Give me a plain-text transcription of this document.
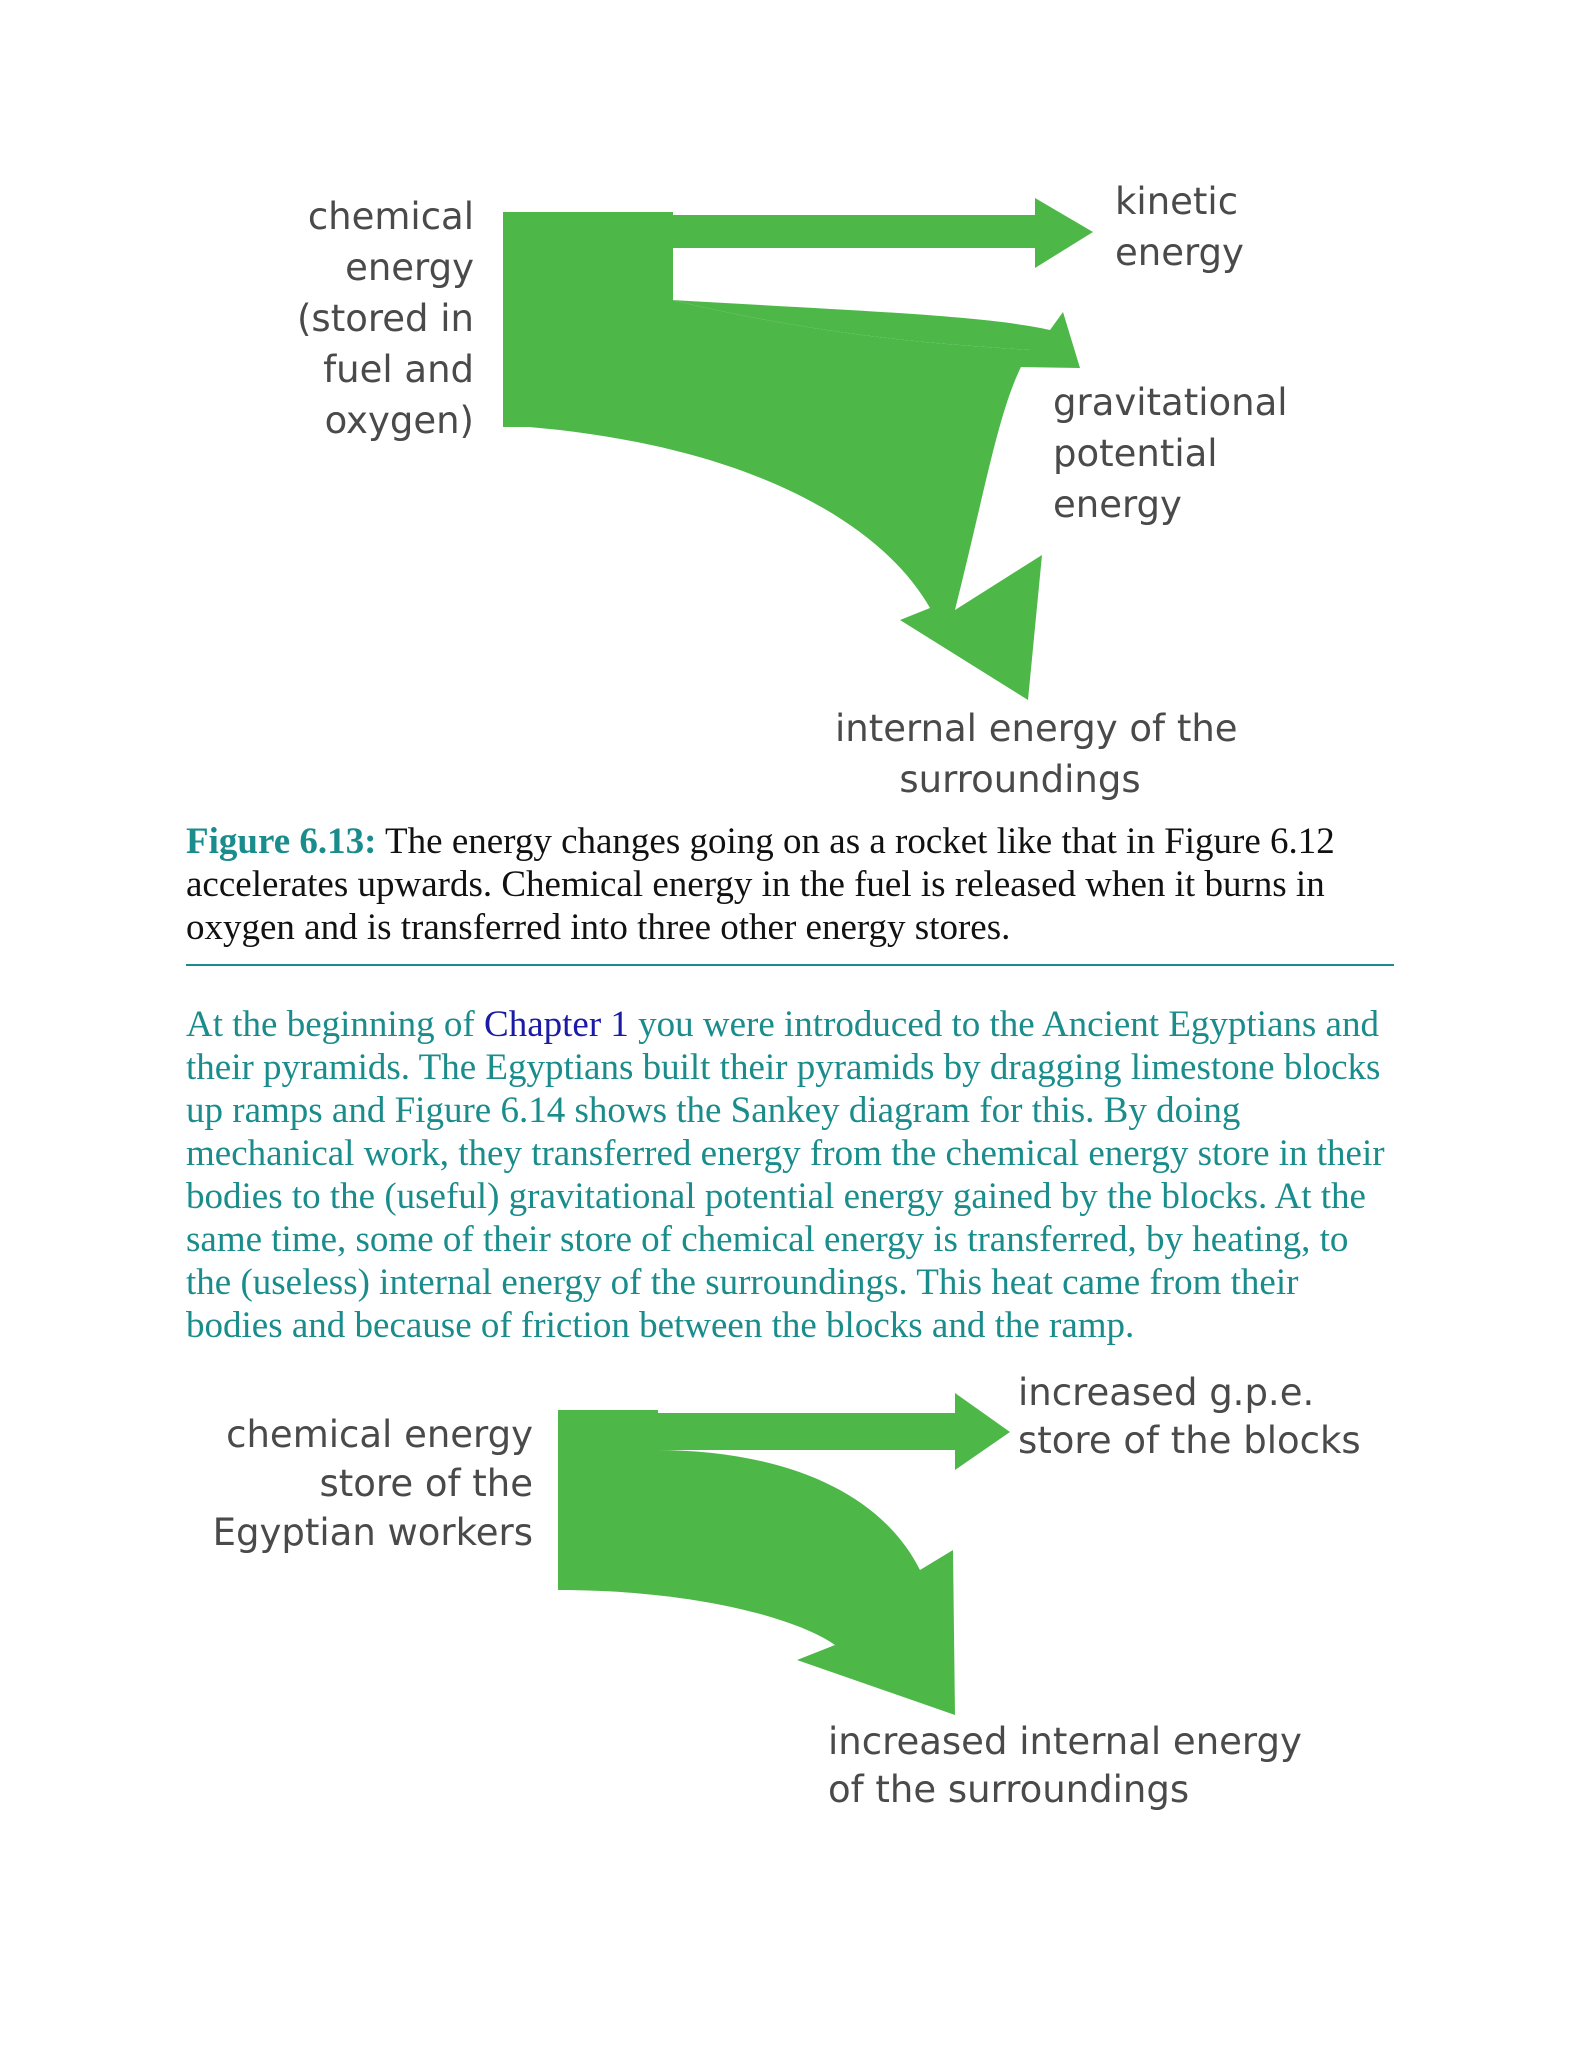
chemical
energy
(stored in
fuel and
oxygen)
kinetic
energy
gravitational
potential
energy
internal energy of the
surroundings
Figure 6.13: The energy changes going on as a rocket like that in Figure 6.12 accelerates upwards. Chemical energy in the fuel is released when it burns in oxygen and is transferred into three other energy stores.
At the beginning of Chapter 1 you were introduced to the Ancient Egyptians and their pyramids. The Egyptians built their pyramids by dragging limestone blocks up ramps and Figure 6.14 shows the Sankey diagram for this. By doing mechanical work, they transferred energy from the chemical energy store in their bodies to the (useful) gravitational potential energy gained by the blocks. At the same time, some of their store of chemical energy is transferred, by heating, to the (useless) internal energy of the surroundings. This heat came from their bodies and because of friction between the blocks and the ramp.
chemical energy
store of the
Egyptian workers
increased g.p.e.
store of the blocks
increased internal energy
of the surroundings
